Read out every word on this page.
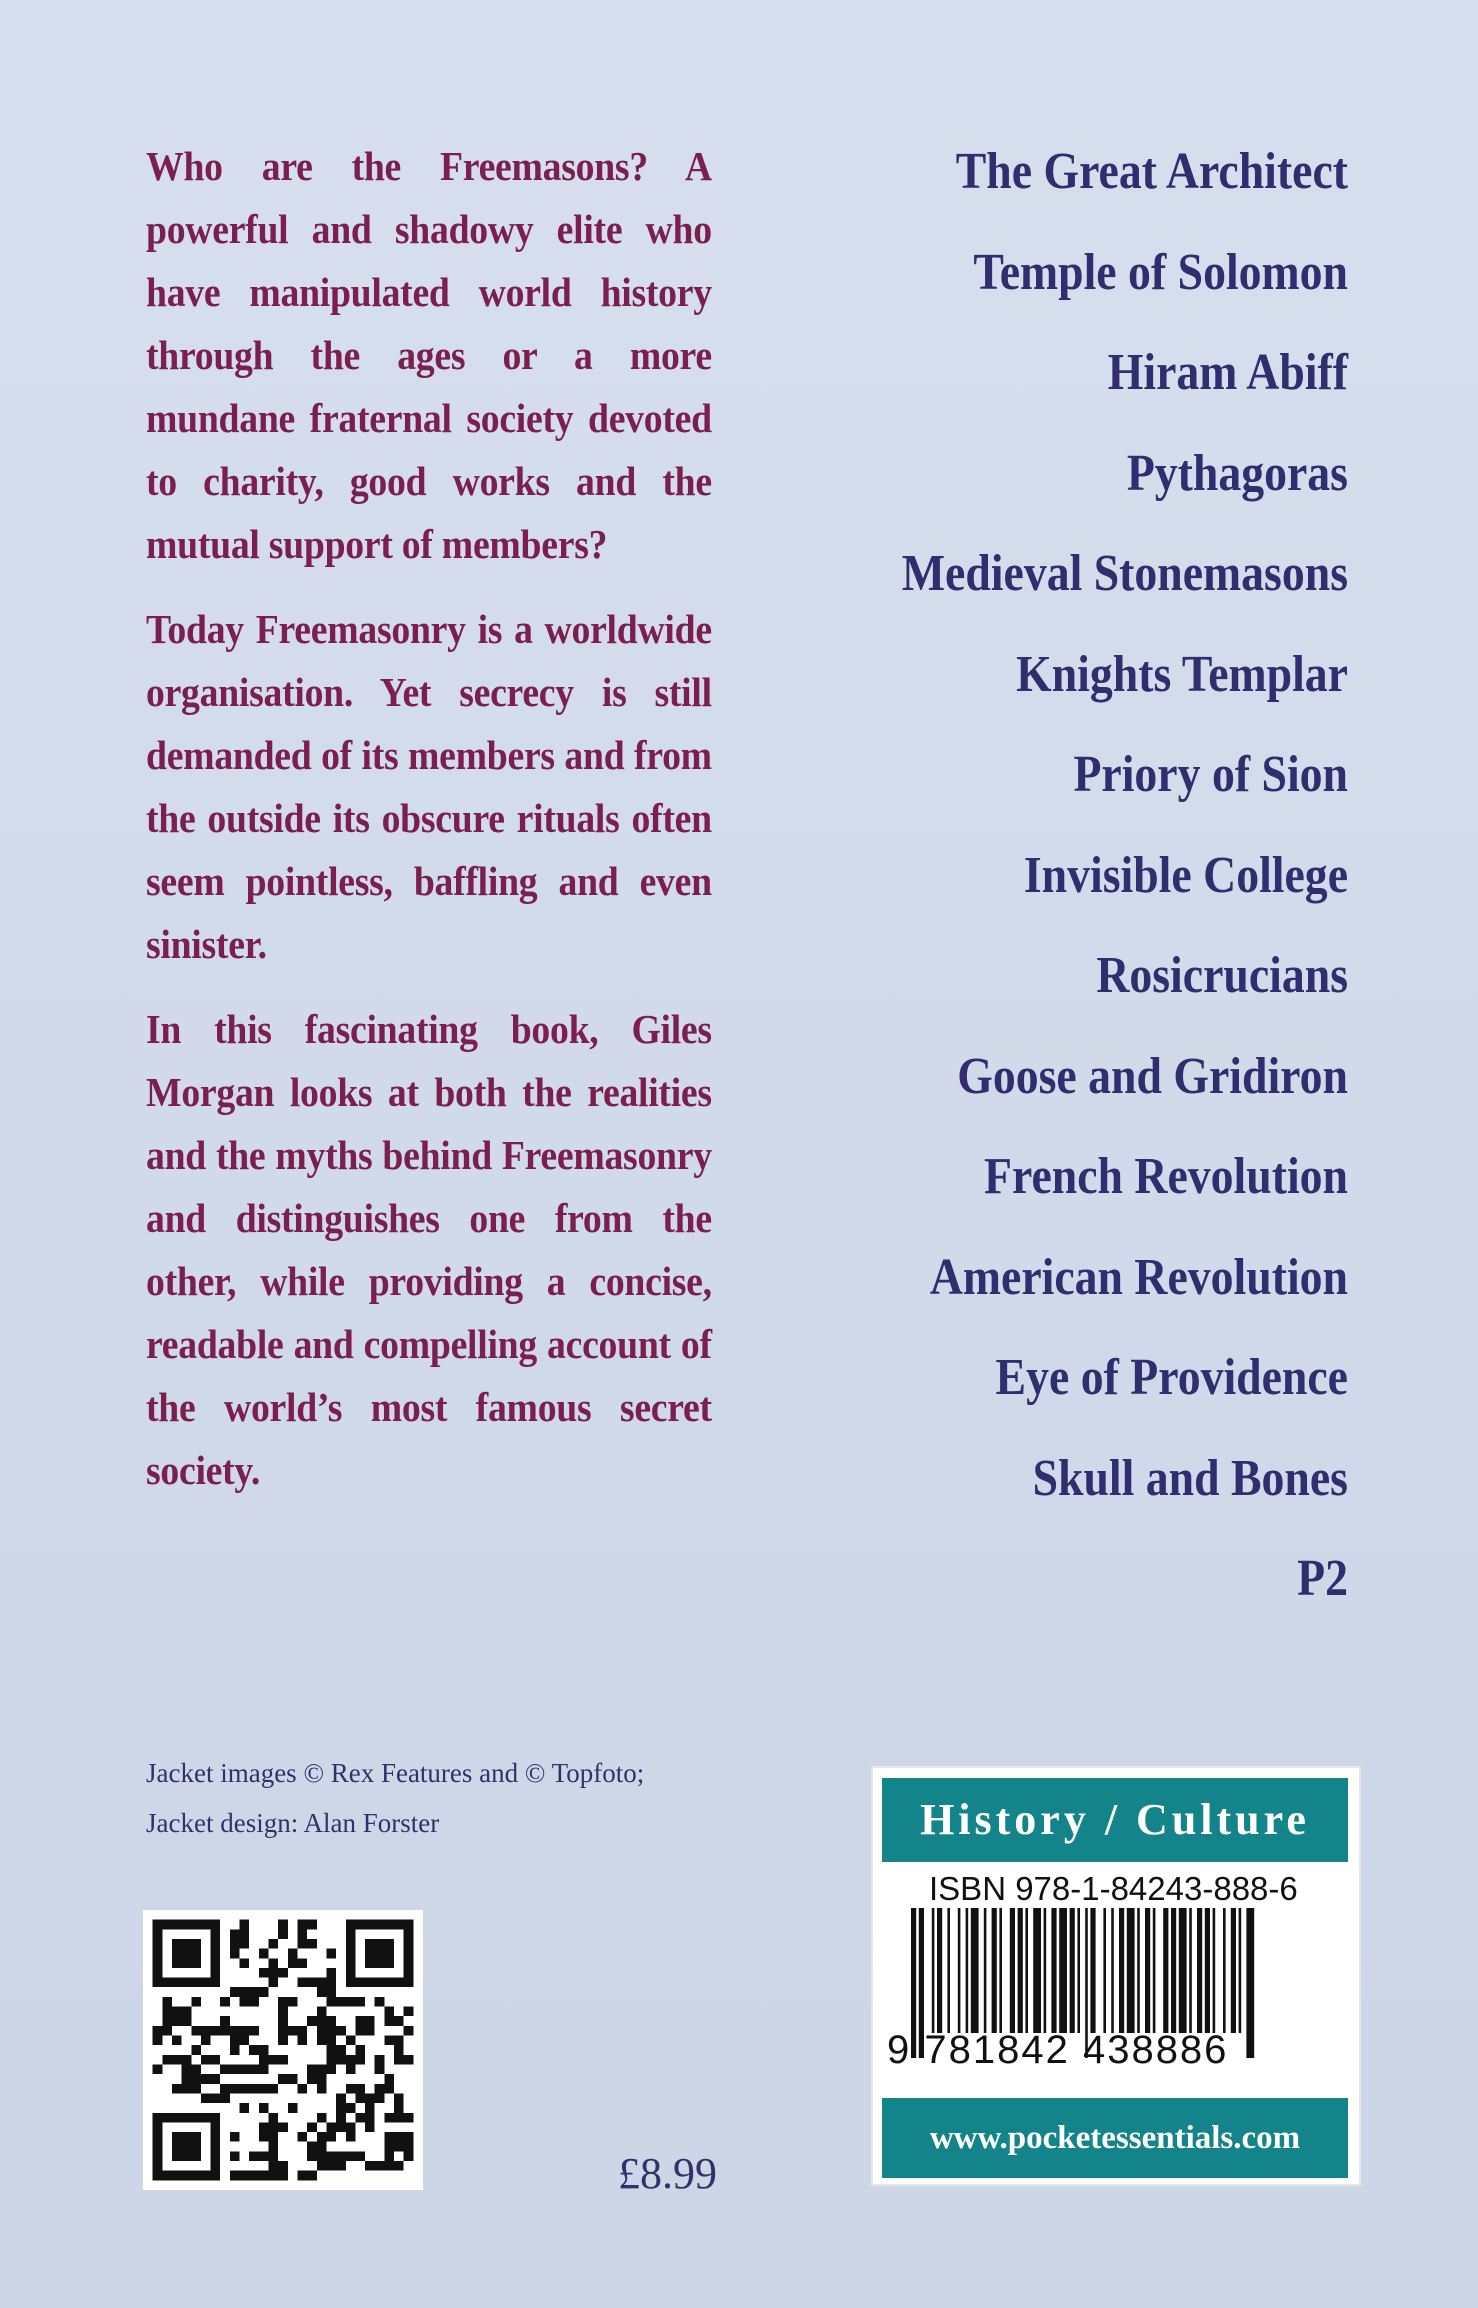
Who are the Freemasons? A powerful and shadowy elite who have manipulated world history through the ages or a more mundane fraternal society devoted to charity, good works and the mutual support of members?

Today Freemasonry is a worldwide organisation. Yet secrecy is still demanded of its members and from the outside its obscure rituals often seem pointless, baffling and even sinister.

In this fascinating book, Giles Morgan looks at both the realities and the myths behind Freemasonry and distinguishes one from the other, while providing a concise, readable and compelling account of the world’s most famous secret society.

The Great Architect
Temple of Solomon
Hiram Abiff
Pythagoras
Medieval Stonemasons
Knights Templar
Priory of Sion
Invisible College
Rosicrucians
Goose and Gridiron
French Revolution
American Revolution
Eye of Providence
Skull and Bones
P2
Jacket images © Rex Features and © Topfoto;
Jacket design: Alan Forster
£8.99
History / Culture
ISBN 978-1-84243-888-6
9 781842 438886
www.pocketessentials.com
